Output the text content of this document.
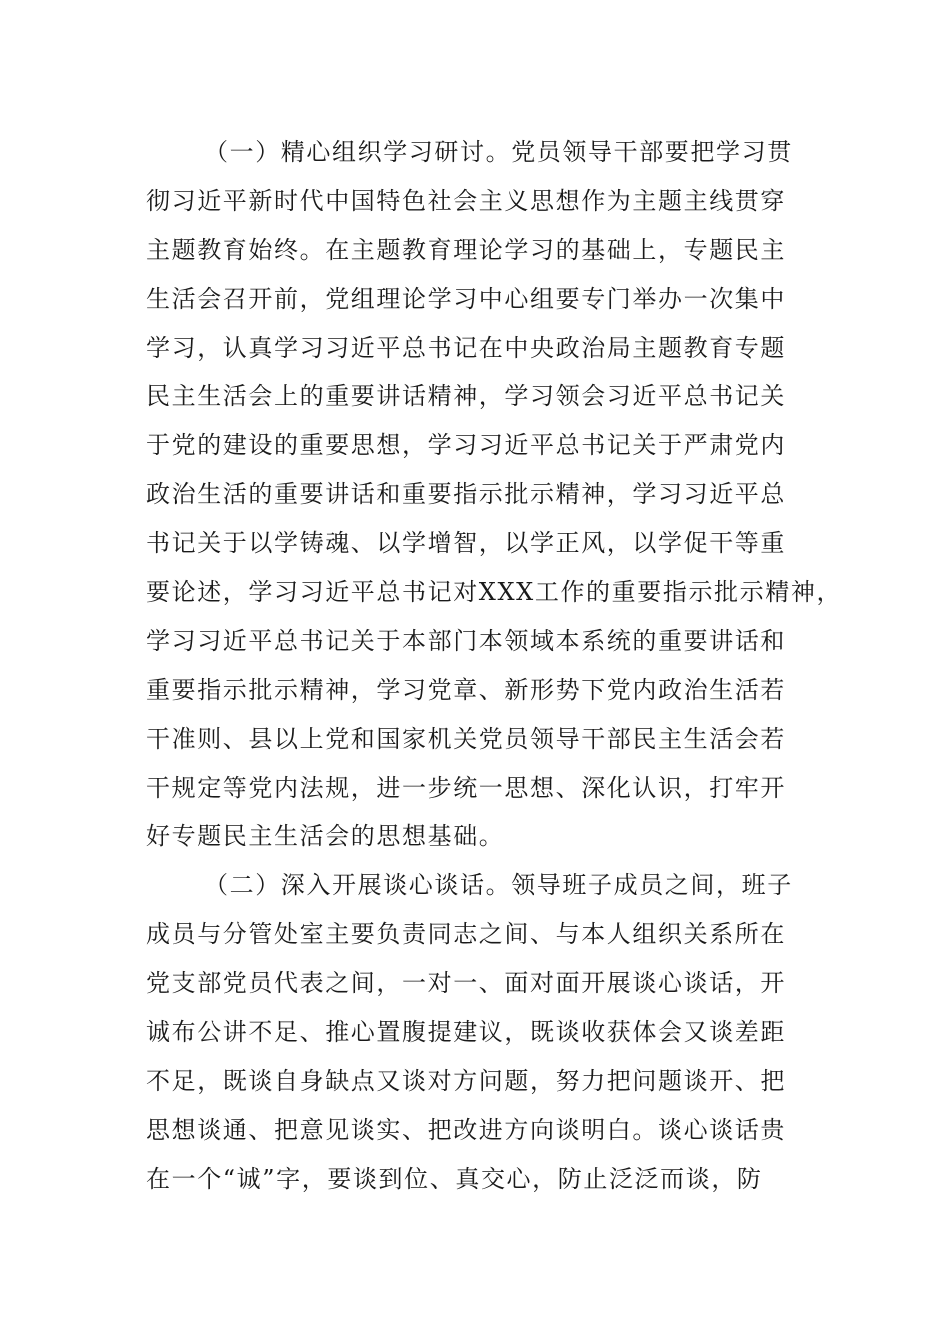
（一）精心组织学习研讨。党员领导干部要把学习贯
彻习近平新时代中国特色社会主义思想作为主题主线贯穿
主题教育始终。在主题教育理论学习的基础上，专题民主
生活会召开前，党组理论学习中心组要专门举办一次集中
学习，认真学习习近平总书记在中央政治局主题教育专题
民主生活会上的重要讲话精神，学习领会习近平总书记关
于党的建设的重要思想，学习习近平总书记关于严肃党内
政治生活的重要讲话和重要指示批示精神，学习习近平总
书记关于以学铸魂、以学增智，以学正风，以学促干等重
要论述，学习习近平总书记对XXX工作的重要指示批示精神，
学习习近平总书记关于本部门本领域本系统的重要讲话和
重要指示批示精神，学习党章、新形势下党内政治生活若
干准则、县以上党和国家机关党员领导干部民主生活会若
干规定等党内法规，进一步统一思想、深化认识，打牢开
好专题民主生活会的思想基础。
（二）深入开展谈心谈话。领导班子成员之间，班子
成员与分管处室主要负责同志之间、与本人组织关系所在
党支部党员代表之间，一对一、面对面开展谈心谈话，开
诚布公讲不足、推心置腹提建议，既谈收获体会又谈差距
不足，既谈自身缺点又谈对方问题，努力把问题谈开、把
思想谈通、把意见谈实、把改进方向谈明白。谈心谈话贵
在一个“诚”字，要谈到位、真交心，防止泛泛而谈，防
